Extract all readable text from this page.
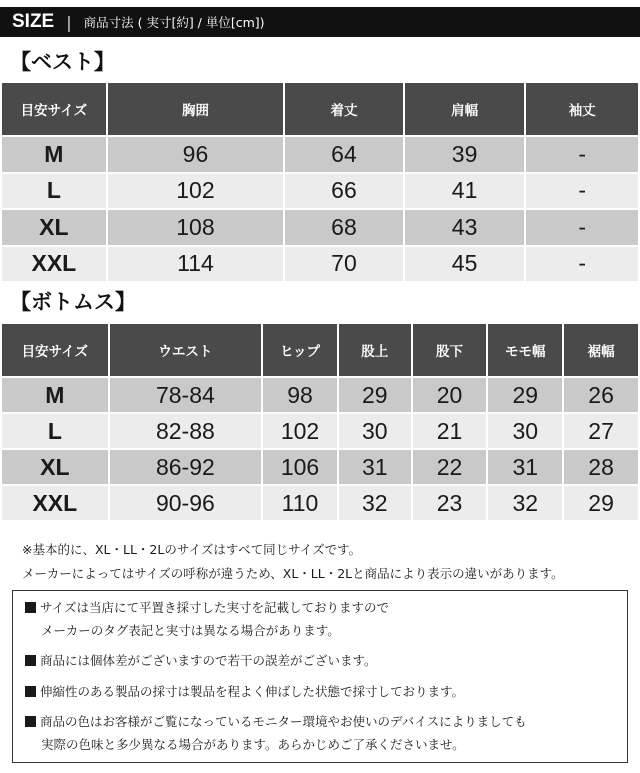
SIZE | 商品寸法 ( 実寸[約] / 単位[cm])
【ベスト】
目安サイズ	胸囲	着丈	肩幅	袖丈
M	96	64	39	-
L	102	66	41	-
XL	108	68	43	-
XXL	114	70	45	-
【ボトムス】
目安サイズ	ウエスト	ヒップ	股上	股下	モモ幅	裾幅
M	78-84	98	29	20	29	26
L	82-88	102	30	21	30	27
XL	86-92	106	31	22	31	28
XXL	90-96	110	32	23	32	29
※基本的に、XL・LL・2Lのサイズはすべて同じサイズです。
メーカーによってはサイズの呼称が違うため、XL・LL・2Lと商品により表示の違いがあります。
サイズは当店にて平置き採寸した実寸を記載しておりますので
メーカーのタグ表記と実寸は異なる場合があります。
商品には個体差がございますので若干の誤差がございます。
伸縮性のある製品の採寸は製品を程よく伸ばした状態で採寸しております。
商品の色はお客様がご覧になっているモニター環境やお使いのデバイスによりましても
実際の色味と多少異なる場合があります。あらかじめご了承くださいませ。
